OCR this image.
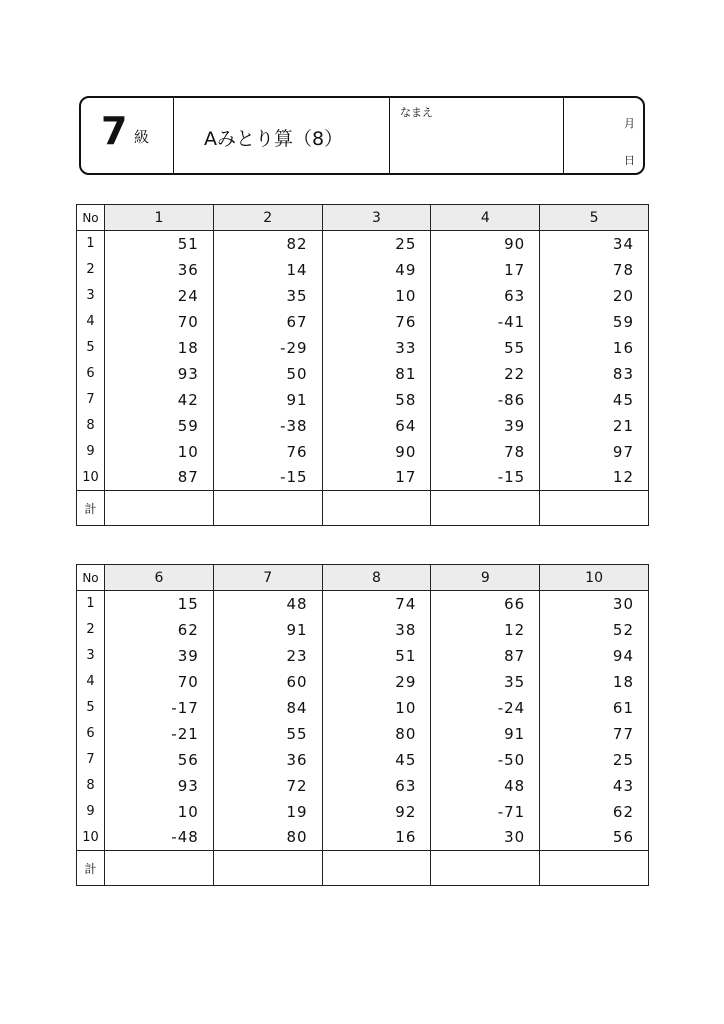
7 級	Aみとり算（8）
なまえ
月
日
No	1	2	3	4	5
1	51	82	25	90	34
2	36	14	49	17	78
3	24	35	10	63	20
4	70	67	76	-41	59
5	18	-29	33	55	16
6	93	50	81	22	83
7	42	91	58	-86	45
8	59	-38	64	39	21
9	10	76	90	78	97
10	87	-15	17	-15	12
計					
No	6	7	8	9	10
1	15	48	74	66	30
2	62	91	38	12	52
3	39	23	51	87	94
4	70	60	29	35	18
5	-17	84	10	-24	61
6	-21	55	80	91	77
7	56	36	45	-50	25
8	93	72	63	48	43
9	10	19	92	-71	62
10	-48	80	16	30	56
計					
